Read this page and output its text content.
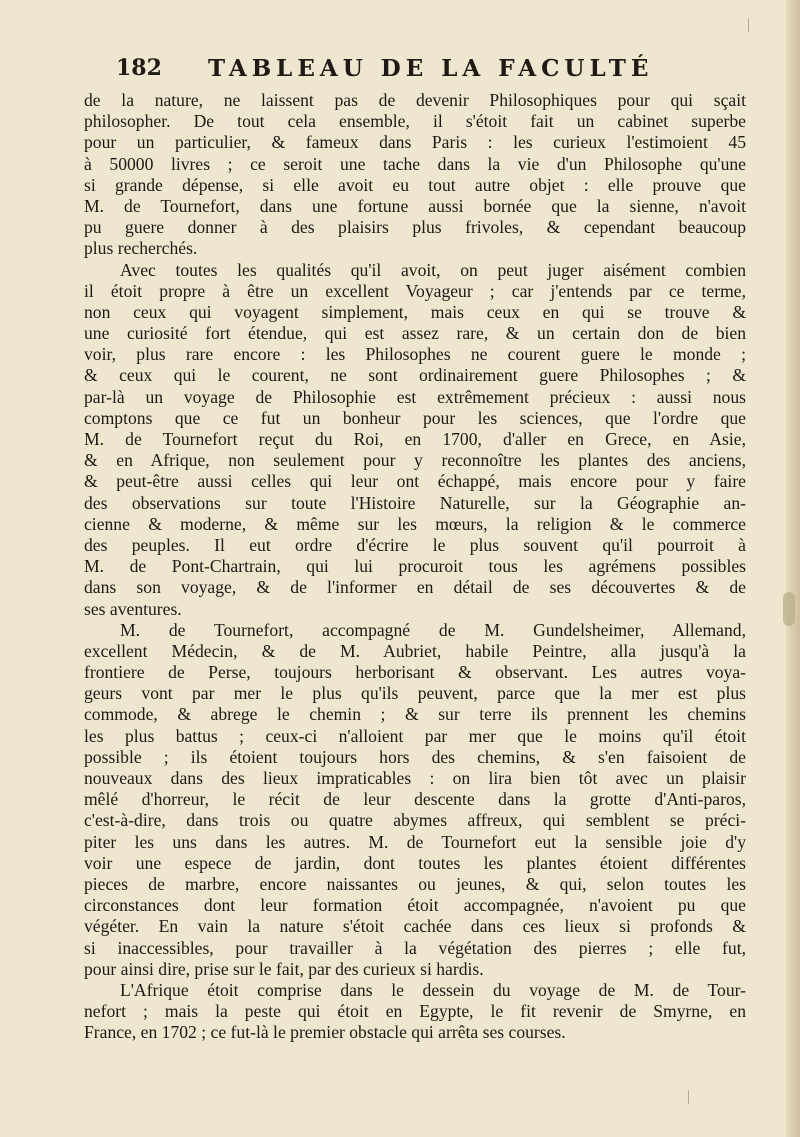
182 TABLEAU DE LA FACULTÉ
de la nature, ne laissent pas de devenir Philosophiques pour qui sçait
philosopher. De tout cela ensemble, il s'étoit fait un cabinet superbe
pour un particulier, & fameux dans Paris : les curieux l'estimoient 45
à 50000 livres ; ce seroit une tache dans la vie d'un Philosophe qu'une
si grande dépense, si elle avoit eu tout autre objet : elle prouve que
M. de Tournefort, dans une fortune aussi bornée que la sienne, n'avoit
pu guere donner à des plaisirs plus frivoles, & cependant beaucoup
plus recherchés.
Avec toutes les qualités qu'il avoit, on peut juger aisément combien
il étoit propre à être un excellent Voyageur ; car j'entends par ce terme,
non ceux qui voyagent simplement, mais ceux en qui se trouve &
une curiosité fort étendue, qui est assez rare, & un certain don de bien
voir, plus rare encore : les Philosophes ne courent guere le monde ;
& ceux qui le courent, ne sont ordinairement guere Philosophes ; &
par-là un voyage de Philosophie est extrêmement précieux : aussi nous
comptons que ce fut un bonheur pour les sciences, que l'ordre que
M. de Tournefort reçut du Roi, en 1700, d'aller en Grece, en Asie,
& en Afrique, non seulement pour y reconnoître les plantes des anciens,
& peut-être aussi celles qui leur ont échappé, mais encore pour y faire
des observations sur toute l'Histoire Naturelle, sur la Géographie an-
cienne & moderne, & même sur les mœurs, la religion & le commerce
des peuples. Il eut ordre d'écrire le plus souvent qu'il pourroit à
M. de Pont-Chartrain, qui lui procuroit tous les agrémens possibles
dans son voyage, & de l'informer en détail de ses découvertes & de
ses aventures.
M. de Tournefort, accompagné de M. Gundelsheimer, Allemand,
excellent Médecin, & de M. Aubriet, habile Peintre, alla jusqu'à la
frontiere de Perse, toujours herborisant & observant. Les autres voya-
geurs vont par mer le plus qu'ils peuvent, parce que la mer est plus
commode, & abrege le chemin ; & sur terre ils prennent les chemins
les plus battus ; ceux-ci n'alloient par mer que le moins qu'il étoit
possible ; ils étoient toujours hors des chemins, & s'en faisoient de
nouveaux dans des lieux impraticables : on lira bien tôt avec un plaisir
mêlé d'horreur, le récit de leur descente dans la grotte d'Anti-paros,
c'est-à-dire, dans trois ou quatre abymes affreux, qui semblent se préci-
piter les uns dans les autres. M. de Tournefort eut la sensible joie d'y
voir une espece de jardin, dont toutes les plantes étoient différentes
pieces de marbre, encore naissantes ou jeunes, & qui, selon toutes les
circonstances dont leur formation étoit accompagnée, n'avoient pu que
végéter. En vain la nature s'étoit cachée dans ces lieux si profonds &
si inaccessibles, pour travailler à la végétation des pierres ; elle fut,
pour ainsi dire, prise sur le fait, par des curieux si hardis.
L'Afrique étoit comprise dans le dessein du voyage de M. de Tour-
nefort ; mais la peste qui étoit en Egypte, le fit revenir de Smyrne, en
France, en 1702 ; ce fut-là le premier obstacle qui arrêta ses courses.
